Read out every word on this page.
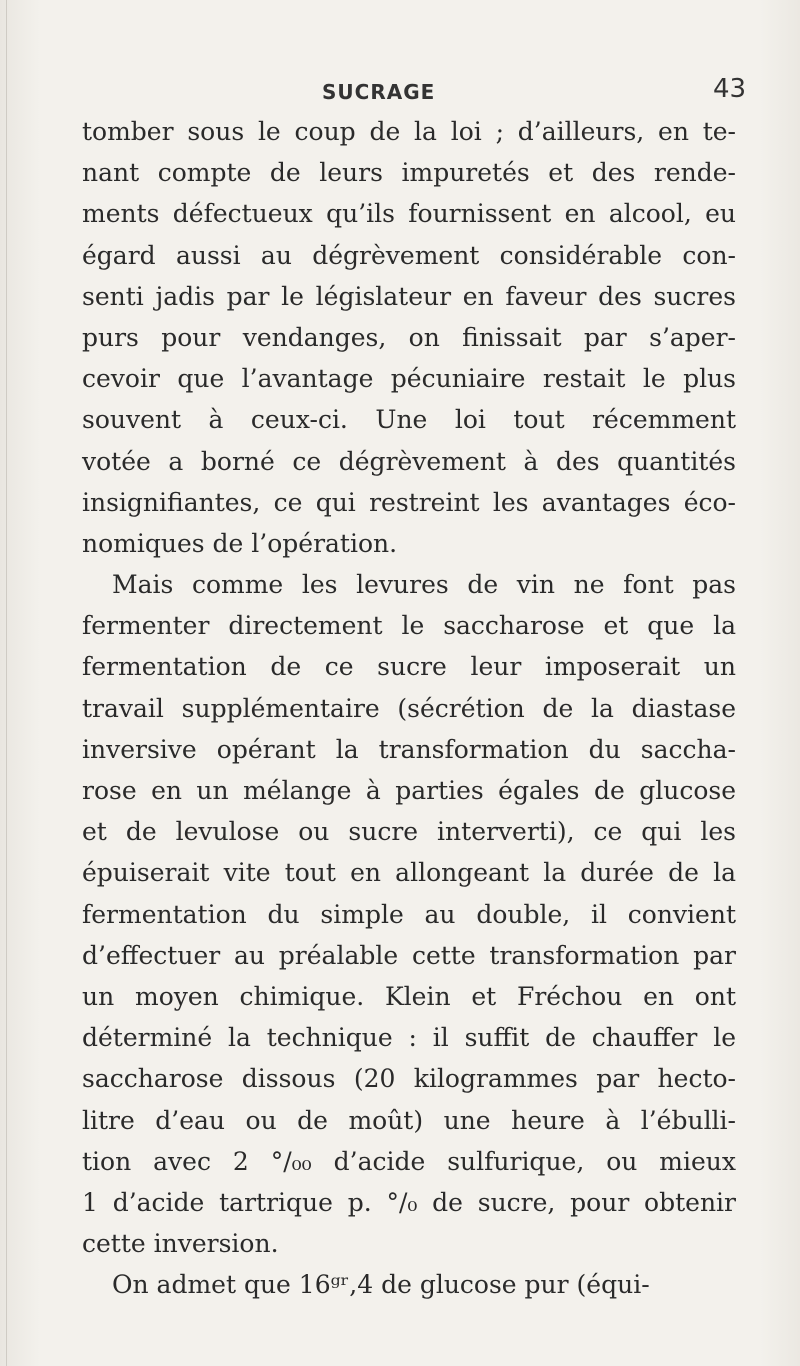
SUCRAGE	43
tomber sous le coup de la loi ; d’ailleurs, en te-
nant compte de leurs impuretés et des rende-
ments défectueux qu’ils fournissent en alcool, eu
égard aussi au dégrèvement considérable con-
senti jadis par le législateur en faveur des sucres
purs pour vendanges, on finissait par s’aper-
cevoir que l’avantage pécuniaire restait le plus
souvent à ceux-ci. Une loi tout récemment
votée a borné ce dégrèvement à des quantités
insignifiantes, ce qui restreint les avantages éco-
nomiques de l’opération.
Mais comme les levures de vin ne font pas
fermenter directement le saccharose et que la
fermentation de ce sucre leur imposerait un
travail supplémentaire (sécrétion de la diastase
inversive opérant la transformation du saccha-
rose en un mélange à parties égales de glucose
et de levulose ou sucre interverti), ce qui les
épuiserait vite tout en allongeant la durée de la
fermentation du simple au double, il convient
d’effectuer au préalable cette transformation par
un moyen chimique. Klein et Fréchou en ont
déterminé la technique : il suffit de chauffer le
saccharose dissous (20 kilogrammes par hecto-
litre d’eau ou de moût) une heure à l’ébulli-
tion avec 2 °/₀₀ d’acide sulfurique, ou mieux
1 d’acide tartrique p. °/₀ de sucre, pour obtenir
cette inversion.
On admet que 16ᵍʳ,4 de glucose pur (équi-
